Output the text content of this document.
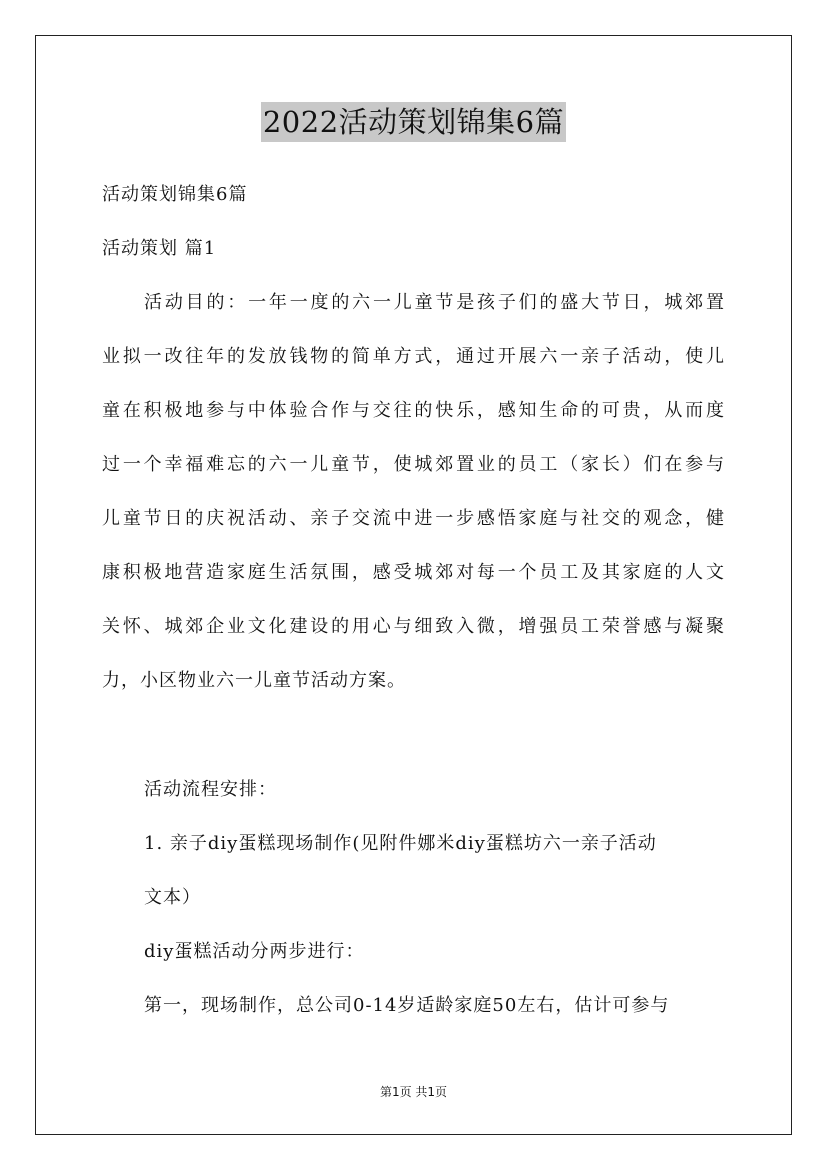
2022活动策划锦集6篇
活动策划锦集6篇
活动策划 篇1
活动目的：一年一度的六一儿童节是孩子们的盛大节日，城郊置
业拟一改往年的发放钱物的简单方式，通过开展六一亲子活动，使儿
童在积极地参与中体验合作与交往的快乐，感知生命的可贵，从而度
过一个幸福难忘的六一儿童节，使城郊置业的员工（家长）们在参与
儿童节日的庆祝活动、亲子交流中进一步感悟家庭与社交的观念，健
康积极地营造家庭生活氛围，感受城郊对每一个员工及其家庭的人文
关怀、城郊企业文化建设的用心与细致入微，增强员工荣誉感与凝聚
力，小区物业六一儿童节活动方案。
活动流程安排：
1. 亲子diy蛋糕现场制作(见附件娜米diy蛋糕坊六一亲子活动
文本）
diy蛋糕活动分两步进行：
第一，现场制作，总公司0-14岁适龄家庭50左右，估计可参与
第1页 共1页
